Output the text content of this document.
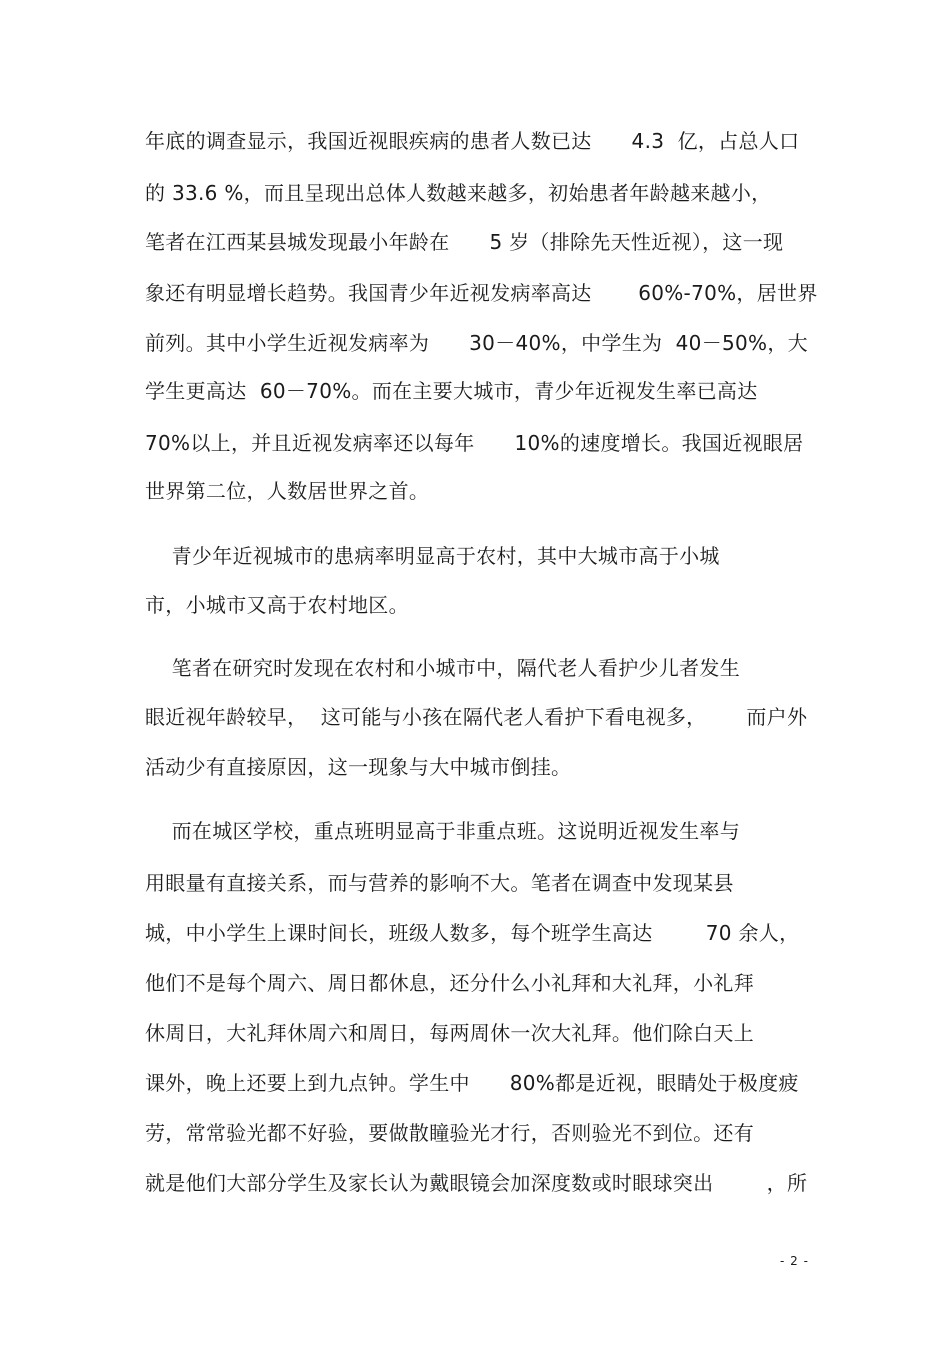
年底的调查显示，我国近视眼疾病的患者人数已达      4.3  亿，占总人口
的 33.6 %，而且呈现出总体人数越来越多，初始患者年龄越来越小，
笔者在江西某县城发现最小年龄在      5 岁（排除先天性近视），这一现
象还有明显增长趋势。我国青少年近视发病率高达       60%-70%，居世界
前列。其中小学生近视发病率为      30－40%，中学生为  40－50%，大
学生更高达  60－70%。而在主要大城市，青少年近视发生率已高达
70%以上，并且近视发病率还以每年      10%的速度增长。我国近视眼居
世界第二位，人数居世界之首。
青少年近视城市的患病率明显高于农村，其中大城市高于小城
市，小城市又高于农村地区。
笔者在研究时发现在农村和小城市中，隔代老人看护少儿者发生
眼近视年龄较早，  这可能与小孩在隔代老人看护下看电视多，      而户外
活动少有直接原因，这一现象与大中城市倒挂。
而在城区学校，重点班明显高于非重点班。这说明近视发生率与
用眼量有直接关系，而与营养的影响不大。笔者在调查中发现某县
城，中小学生上课时间长，班级人数多，每个班学生高达        70 余人，
他们不是每个周六、周日都休息，还分什么小礼拜和大礼拜，小礼拜
休周日，大礼拜休周六和周日，每两周休一次大礼拜。他们除白天上
课外，晚上还要上到九点钟。学生中      80%都是近视，眼睛处于极度疲
劳，常常验光都不好验，要做散瞳验光才行，否则验光不到位。还有
就是他们大部分学生及家长认为戴眼镜会加深度数或时眼球突出        ，所
- 2 -
